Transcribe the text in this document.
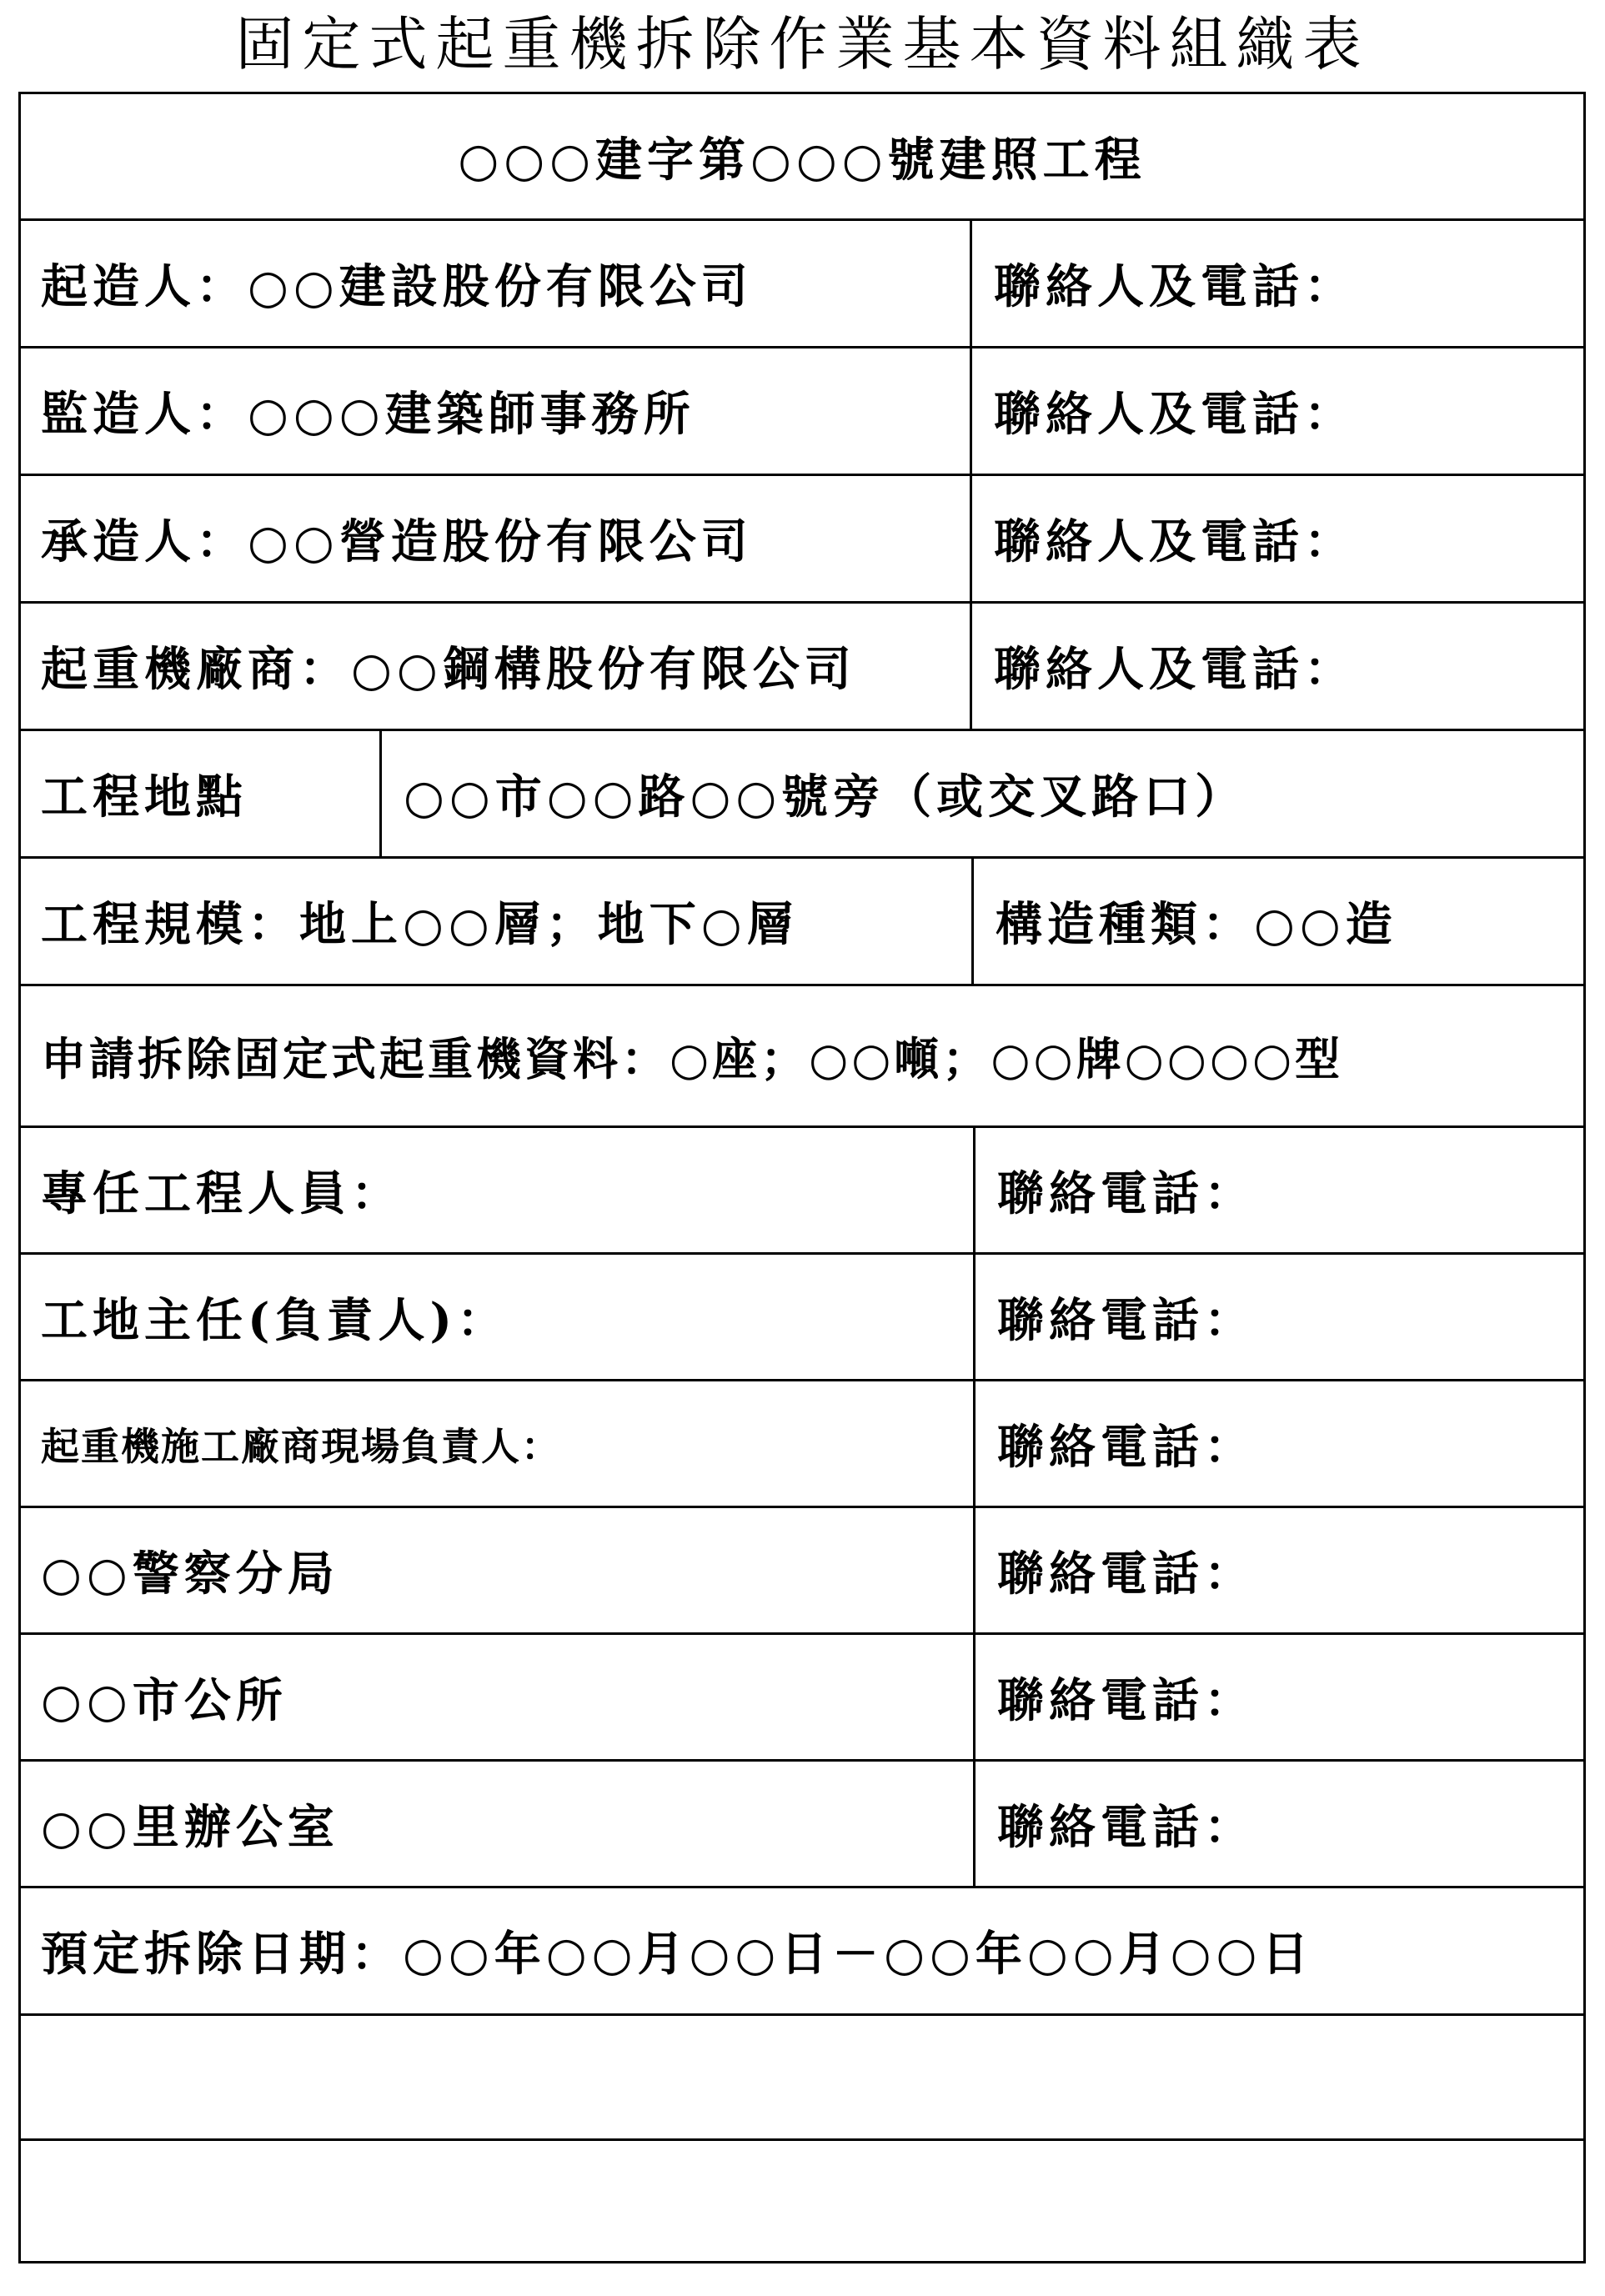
固定式起重機拆除作業基本資料組織表
○○○建字第○○○號建照工程
起造人：○○建設股份有限公司	聯絡人及電話：
監造人：○○○建築師事務所	聯絡人及電話：
承造人：○○營造股份有限公司	聯絡人及電話：
起重機廠商：○○鋼構股份有限公司	聯絡人及電話：
工程地點	○○市○○路○○號旁（或交叉路口）
工程規模：地上○○層；地下○層	構造種類：○○造
申請拆除固定式起重機資料：○座；○○噸；○○牌○○○○型
專任工程人員：	聯絡電話：
工地主任(負責人)：	聯絡電話：
起重機施工廠商現場負責人：	聯絡電話：
○○警察分局	聯絡電話：
○○市公所	聯絡電話：
○○里辦公室	聯絡電話：
預定拆除日期：○○年○○月○○日－○○年○○月○○日
